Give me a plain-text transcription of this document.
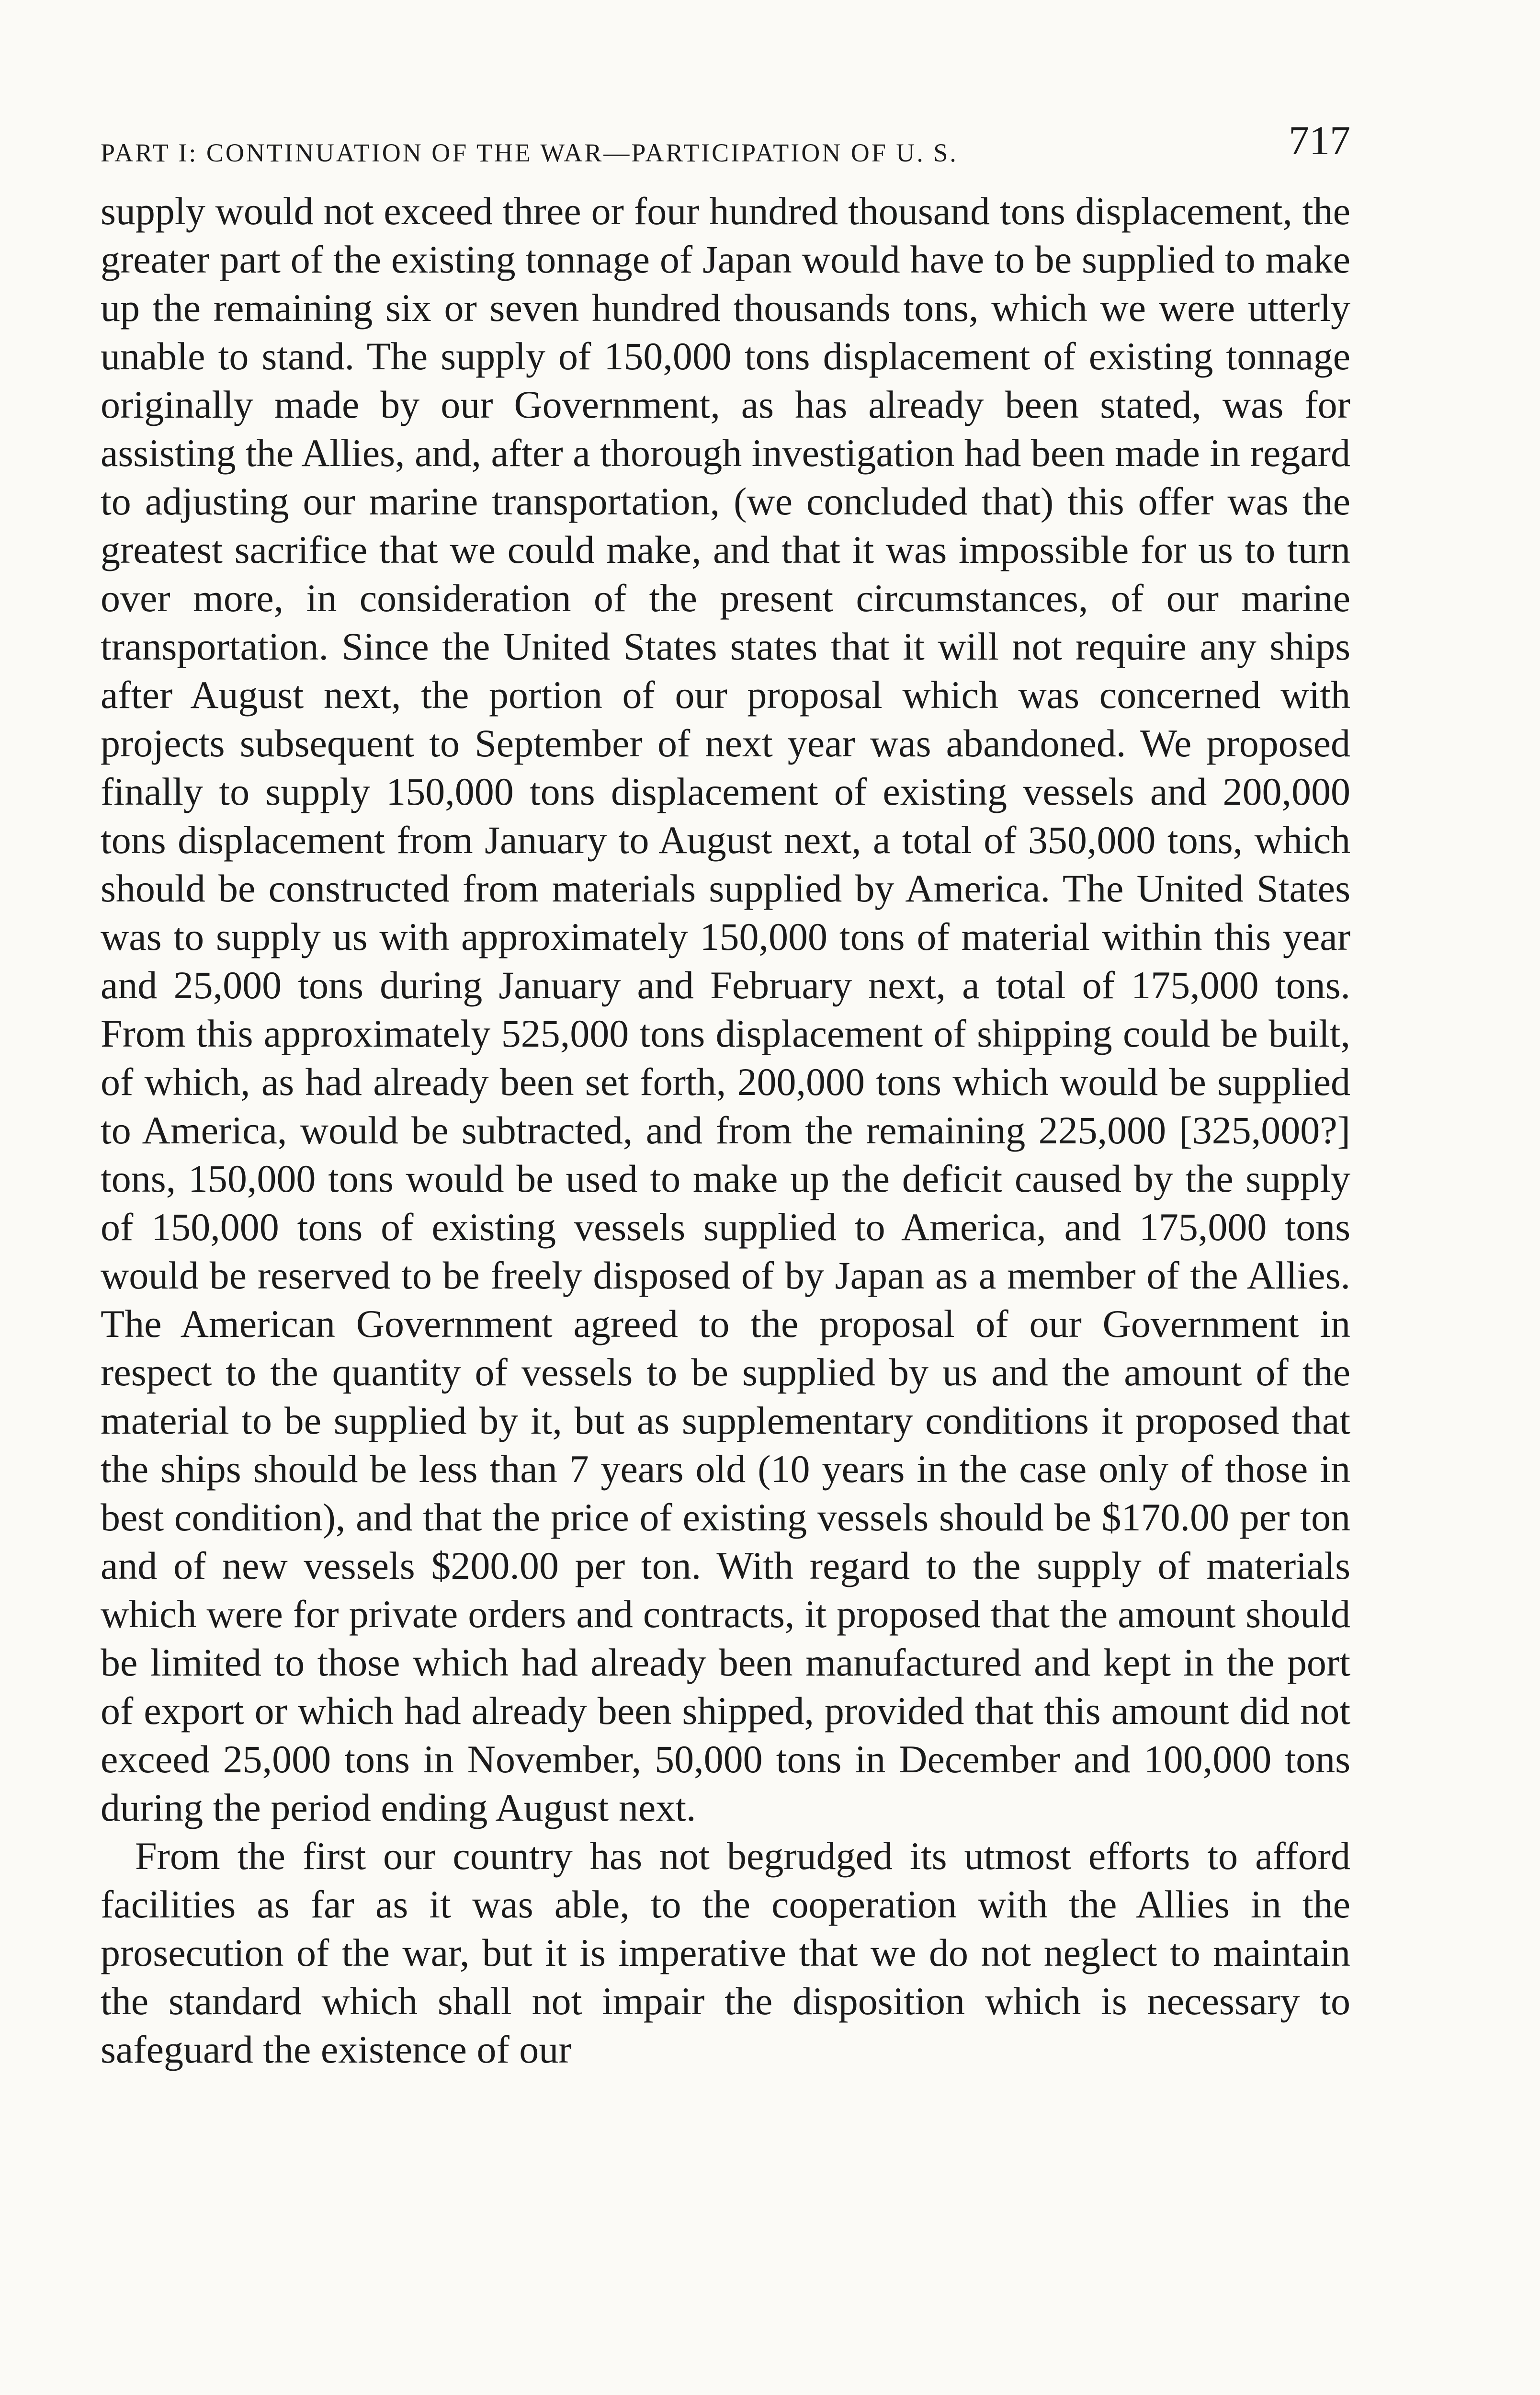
PART I: CONTINUATION OF THE WAR—PARTICIPATION OF U. S.	717

supply would not exceed three or four hundred thousand tons displacement, the greater part of the existing tonnage of Japan would have to be supplied to make up the remaining six or seven hundred thousands tons, which we were utterly unable to stand. The supply of 150,000 tons displacement of existing tonnage originally made by our Government, as has already been stated, was for assisting the Allies, and, after a thorough investigation had been made in regard to adjusting our marine transportation, (we concluded that) this offer was the greatest sacrifice that we could make, and that it was impossible for us to turn over more, in consideration of the present circumstances, of our marine transportation. Since the United States states that it will not require any ships after August next, the portion of our proposal which was concerned with projects subsequent to September of next year was abandoned. We proposed finally to supply 150,000 tons displacement of existing vessels and 200,000 tons displacement from January to August next, a total of 350,000 tons, which should be constructed from materials supplied by America. The United States was to supply us with approximately 150,000 tons of material within this year and 25,000 tons during January and February next, a total of 175,000 tons. From this approximately 525,000 tons displacement of shipping could be built, of which, as had already been set forth, 200,000 tons which would be supplied to America, would be subtracted, and from the remaining 225,000 [325,000?] tons, 150,000 tons would be used to make up the deficit caused by the supply of 150,000 tons of existing vessels supplied to America, and 175,000 tons would be reserved to be freely disposed of by Japan as a member of the Allies. The American Government agreed to the proposal of our Government in respect to the quantity of vessels to be supplied by us and the amount of the material to be supplied by it, but as supplementary conditions it proposed that the ships should be less than 7 years old (10 years in the case only of those in best condition), and that the price of existing vessels should be $170.00 per ton and of new vessels $200.00 per ton. With regard to the supply of materials which were for private orders and contracts, it proposed that the amount should be limited to those which had already been manufactured and kept in the port of export or which had already been shipped, provided that this amount did not exceed 25,000 tons in November, 50,000 tons in December and 100,000 tons during the period ending August next.

From the first our country has not begrudged its utmost efforts to afford facilities as far as it was able, to the cooperation with the Allies in the prosecution of the war, but it is imperative that we do not neglect to maintain the standard which shall not impair the disposition which is necessary to safeguard the existence of our
